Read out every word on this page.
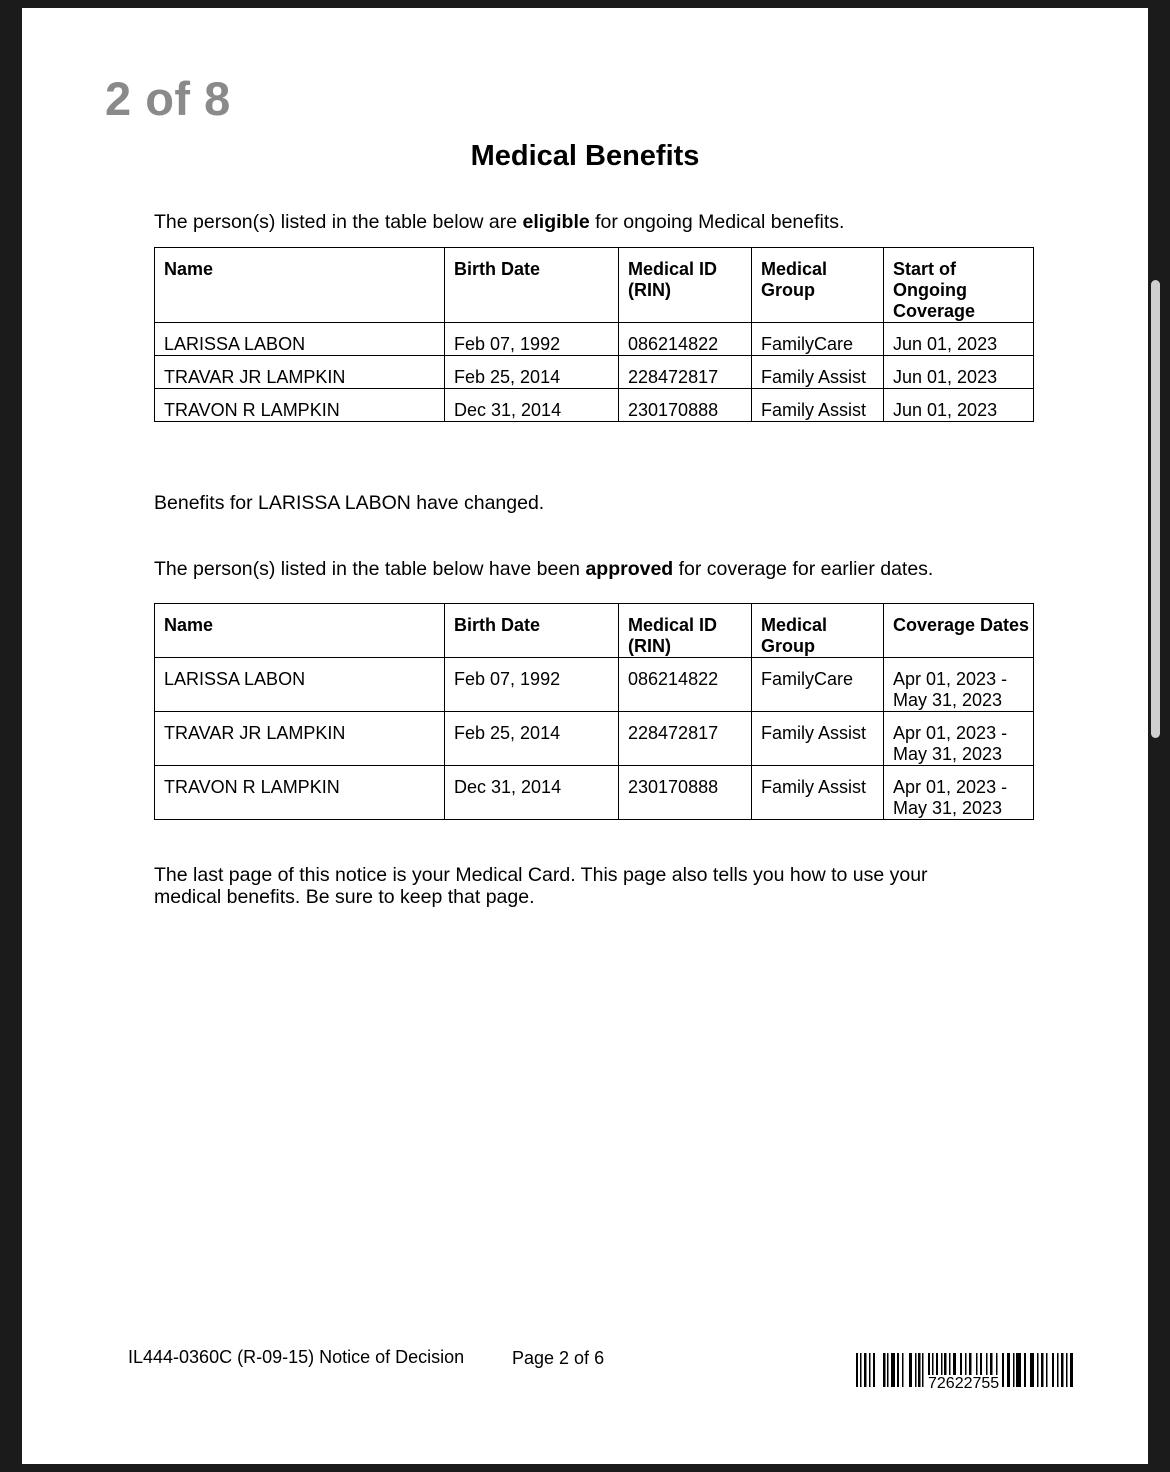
2 of 8
Medical Benefits
The person(s) listed in the table below are eligible for ongoing Medical benefits.
Name	Birth Date	Medical ID (RIN)	Medical Group	Start of Ongoing Coverage
LARISSA LABON	Feb 07, 1992	086214822	FamilyCare	Jun 01, 2023
TRAVAR JR LAMPKIN	Feb 25, 2014	228472817	Family Assist	Jun 01, 2023
TRAVON R LAMPKIN	Dec 31, 2014	230170888	Family Assist	Jun 01, 2023
Benefits for LARISSA LABON have changed.
The person(s) listed in the table below have been approved for coverage for earlier dates.
Name	Birth Date	Medical ID (RIN)	Medical Group	Coverage Dates
LARISSA LABON	Feb 07, 1992	086214822	FamilyCare	Apr 01, 2023 - May 31, 2023
TRAVAR JR LAMPKIN	Feb 25, 2014	228472817	Family Assist	Apr 01, 2023 - May 31, 2023
TRAVON R LAMPKIN	Dec 31, 2014	230170888	Family Assist	Apr 01, 2023 - May 31, 2023
The last page of this notice is your Medical Card. This page also tells you how to use your medical benefits. Be sure to keep that page.
IL444-0360C (R-09-15) Notice of Decision	Page 2 of 6
72622755
